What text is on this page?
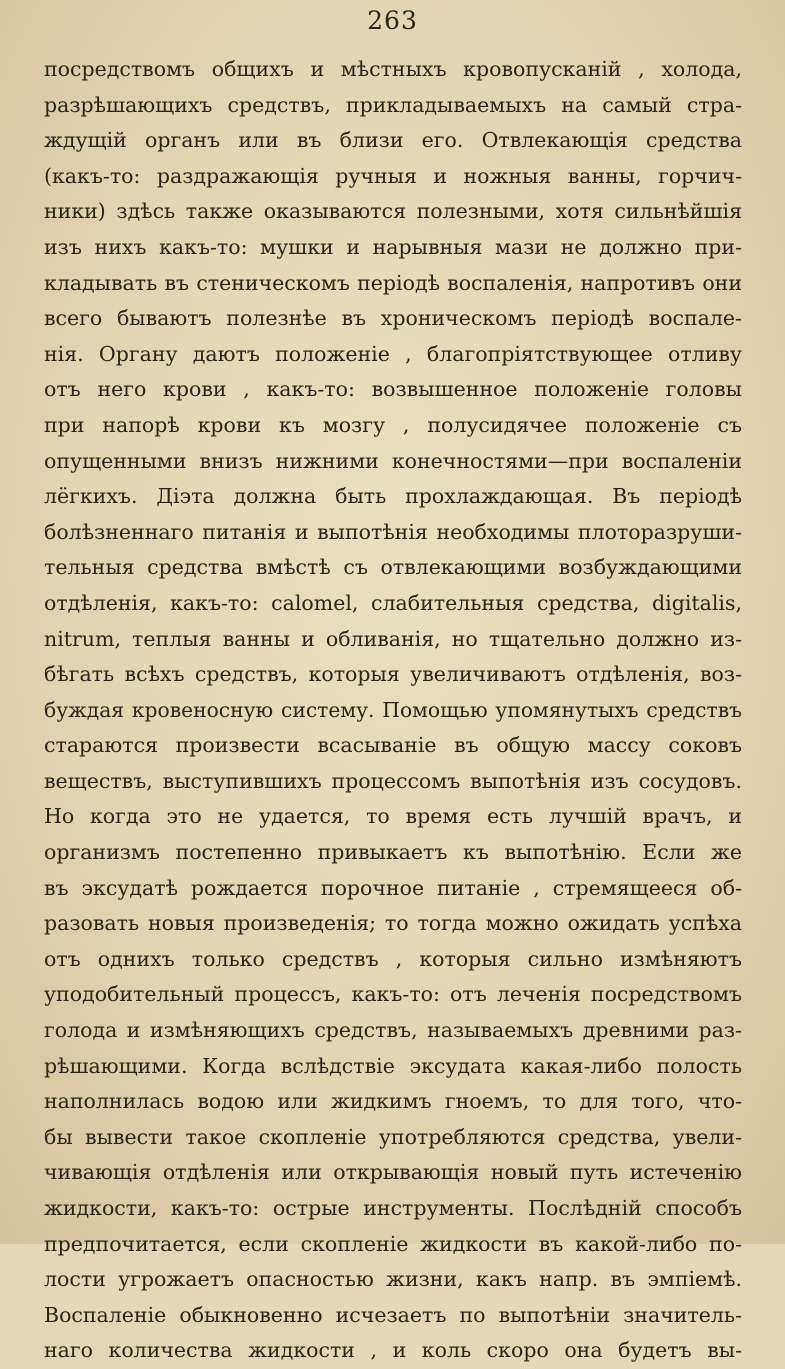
263
посредствомъ общихъ и мѣстныхъ кровопусканій , холода,
разрѣшающихъ средствъ, прикладываемыхъ на самый стра-
ждущій органъ или въ близи его. Отвлекающія средства
(какъ-то: раздражающія ручныя и ножныя ванны, горчич-
ники) здѣсь также оказываются полезными, хотя сильнѣйшія
изъ нихъ какъ-то: мушки и нарывныя мази не должно при-
кладывать въ стеническомъ періодѣ воспаленія, напротивъ они
всего бываютъ полезнѣе въ хроническомъ періодѣ воспале-
нія. Органу даютъ положеніе , благопріятствующее отливу
отъ него крови , какъ-то: возвышенное положеніе головы
при напорѣ крови къ мозгу , полусидячее положеніе съ
опущенными внизъ нижними конечностями—при воспаленіи
лёгкихъ. Діэта должна быть прохлаждающая. Въ періодѣ
болѣзненнаго питанія и выпотѣнія необходимы плоторазруши-
тельныя средства вмѣстѣ съ отвлекающими возбуждающими
отдѣленія, какъ-то: calomel, слабительныя средства, digitalis,
nitrum, теплыя ванны и обливанія, но тщательно должно из-
бѣгать всѣхъ средствъ, которыя увеличиваютъ отдѣленія, воз-
буждая кровеносную систему. Помощью упомянутыхъ средствъ
стараются произвести всасываніе въ общую массу соковъ
веществъ, выступившихъ процессомъ выпотѣнія изъ сосудовъ.
Но когда это не удается, то время есть лучшій врачъ, и
организмъ постепенно привыкаетъ къ выпотѣнію. Если же
въ эксудатѣ рождается порочное питаніе , стремящееся об-
разовать новыя произведенія; то тогда можно ожидать успѣха
отъ однихъ только средствъ , которыя сильно измѣняютъ
уподобительный процессъ, какъ-то: отъ леченія посредствомъ
голода и измѣняющихъ средствъ, называемыхъ древними раз-
рѣшающими. Когда вслѣдствіе эксудата какая-либо полость
наполнилась водою или жидкимъ гноемъ, то для того, что-
бы вывести такое скопленіе употребляются средства, увели-
чивающія отдѣленія или открывающія новый путь истеченію
жидкости, какъ-то: острые инструменты. Послѣдній способъ
предпочитается, если скопленіе жидкости въ какой-либо по-
лости угрожаетъ опасностью жизни, какъ напр. въ эмпіемѣ.
Воспаленіе обыкновенно исчезаетъ по выпотѣніи значитель-
наго количества жидкости , и коль скоро она будетъ вы-
